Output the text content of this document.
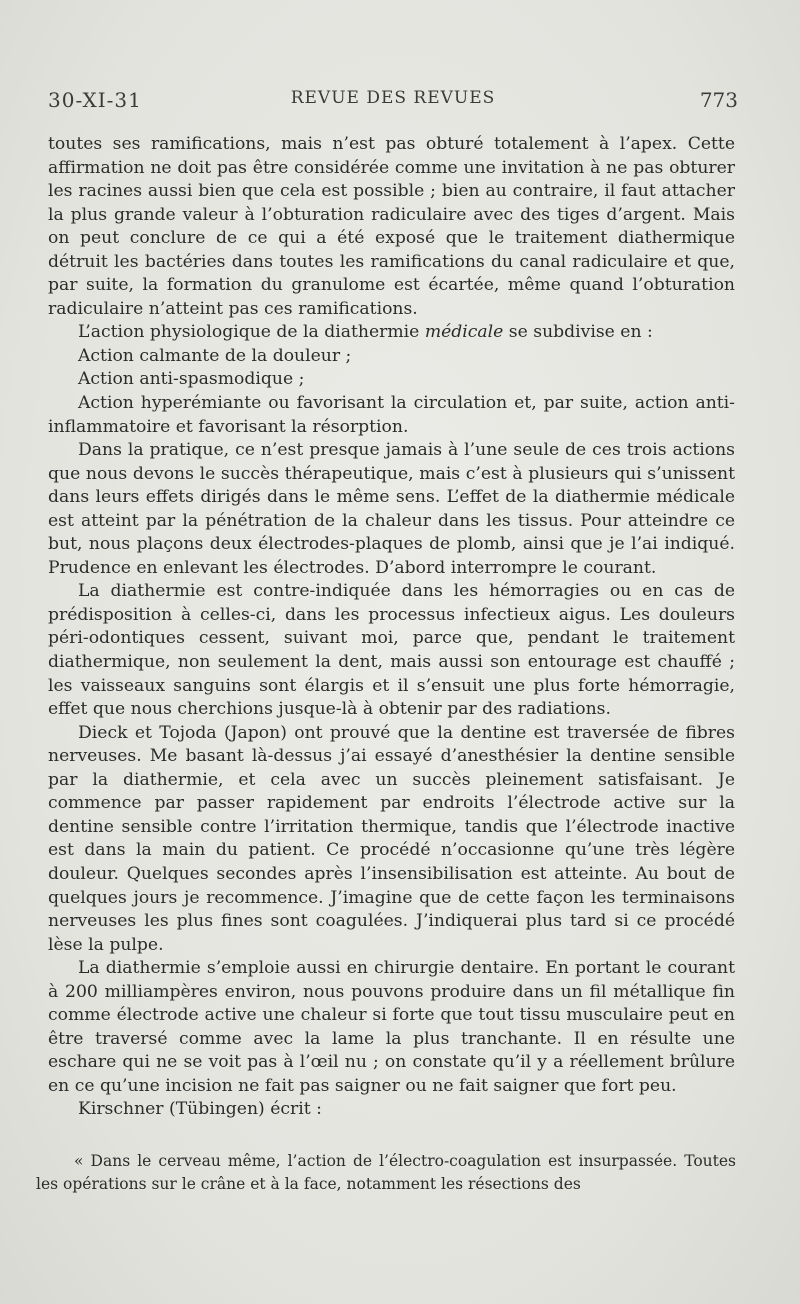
30-XI-31	REVUE DES REVUES	773

toutes ses ramifications, mais n’est pas obturé totalement à l’apex. Cette affirmation ne doit pas être considérée comme une invitation à ne pas obturer les racines aussi bien que cela est possible ; bien au contraire, il faut attacher la plus grande valeur à l’obturation radiculaire avec des tiges d’argent. Mais on peut conclure de ce qui a été exposé que le traitement diathermique détruit les bactéries dans toutes les ramifications du canal radiculaire et que, par suite, la formation du granulome est écartée, même quand l’obturation radiculaire n’atteint pas ces ramifications.

L’action physiologique de la diathermie médicale se subdivise en :

Action calmante de la douleur ;

Action anti-spasmodique ;

Action hyperémiante ou favorisant la circulation et, par suite, action anti-inflammatoire et favorisant la résorption.

Dans la pratique, ce n’est presque jamais à l’une seule de ces trois actions que nous devons le succès thérapeutique, mais c’est à plusieurs qui s’unissent dans leurs effets dirigés dans le même sens. L’effet de la diathermie médicale est atteint par la pénétration de la chaleur dans les tissus. Pour atteindre ce but, nous plaçons deux électrodes-plaques de plomb, ainsi que je l’ai indiqué. Prudence en enlevant les électrodes. D’abord interrompre le courant.

La diathermie est contre-indiquée dans les hémorragies ou en cas de prédisposition à celles-ci, dans les processus infectieux aigus. Les douleurs péri-odontiques cessent, suivant moi, parce que, pendant le traitement diathermique, non seulement la dent, mais aussi son entourage est chauffé ; les vaisseaux sanguins sont élargis et il s’ensuit une plus forte hémorragie, effet que nous cherchions jusque-là à obtenir par des radiations.

Dieck et Tojoda (Japon) ont prouvé que la dentine est traversée de fibres nerveuses. Me basant là-dessus j’ai essayé d’anesthésier la dentine sensible par la diathermie, et cela avec un succès pleinement satisfaisant. Je commence par passer rapidement par endroits l’électrode active sur la dentine sensible contre l’irritation thermique, tandis que l’électrode inactive est dans la main du patient. Ce procédé n’occasionne qu’une très légère douleur. Quelques secondes après l’insensibilisation est atteinte. Au bout de quelques jours je recommence. J’imagine que de cette façon les terminaisons nerveuses les plus fines sont coagulées. J’indiquerai plus tard si ce procédé lèse la pulpe.

La diathermie s’emploie aussi en chirurgie dentaire. En portant le courant à 200 milliampères environ, nous pouvons produire dans un fil métallique fin comme électrode active une chaleur si forte que tout tissu musculaire peut en être traversé comme avec la lame la plus tranchante. Il en résulte une eschare qui ne se voit pas à l’œil nu ; on constate qu’il y a réellement brûlure en ce qu’une incision ne fait pas saigner ou ne fait saigner que fort peu.

Kirschner (Tübingen) écrit :

« Dans le cerveau même, l’action de l’électro-coagulation est insurpassée. Toutes les opérations sur le crâne et à la face, notamment les résections des
